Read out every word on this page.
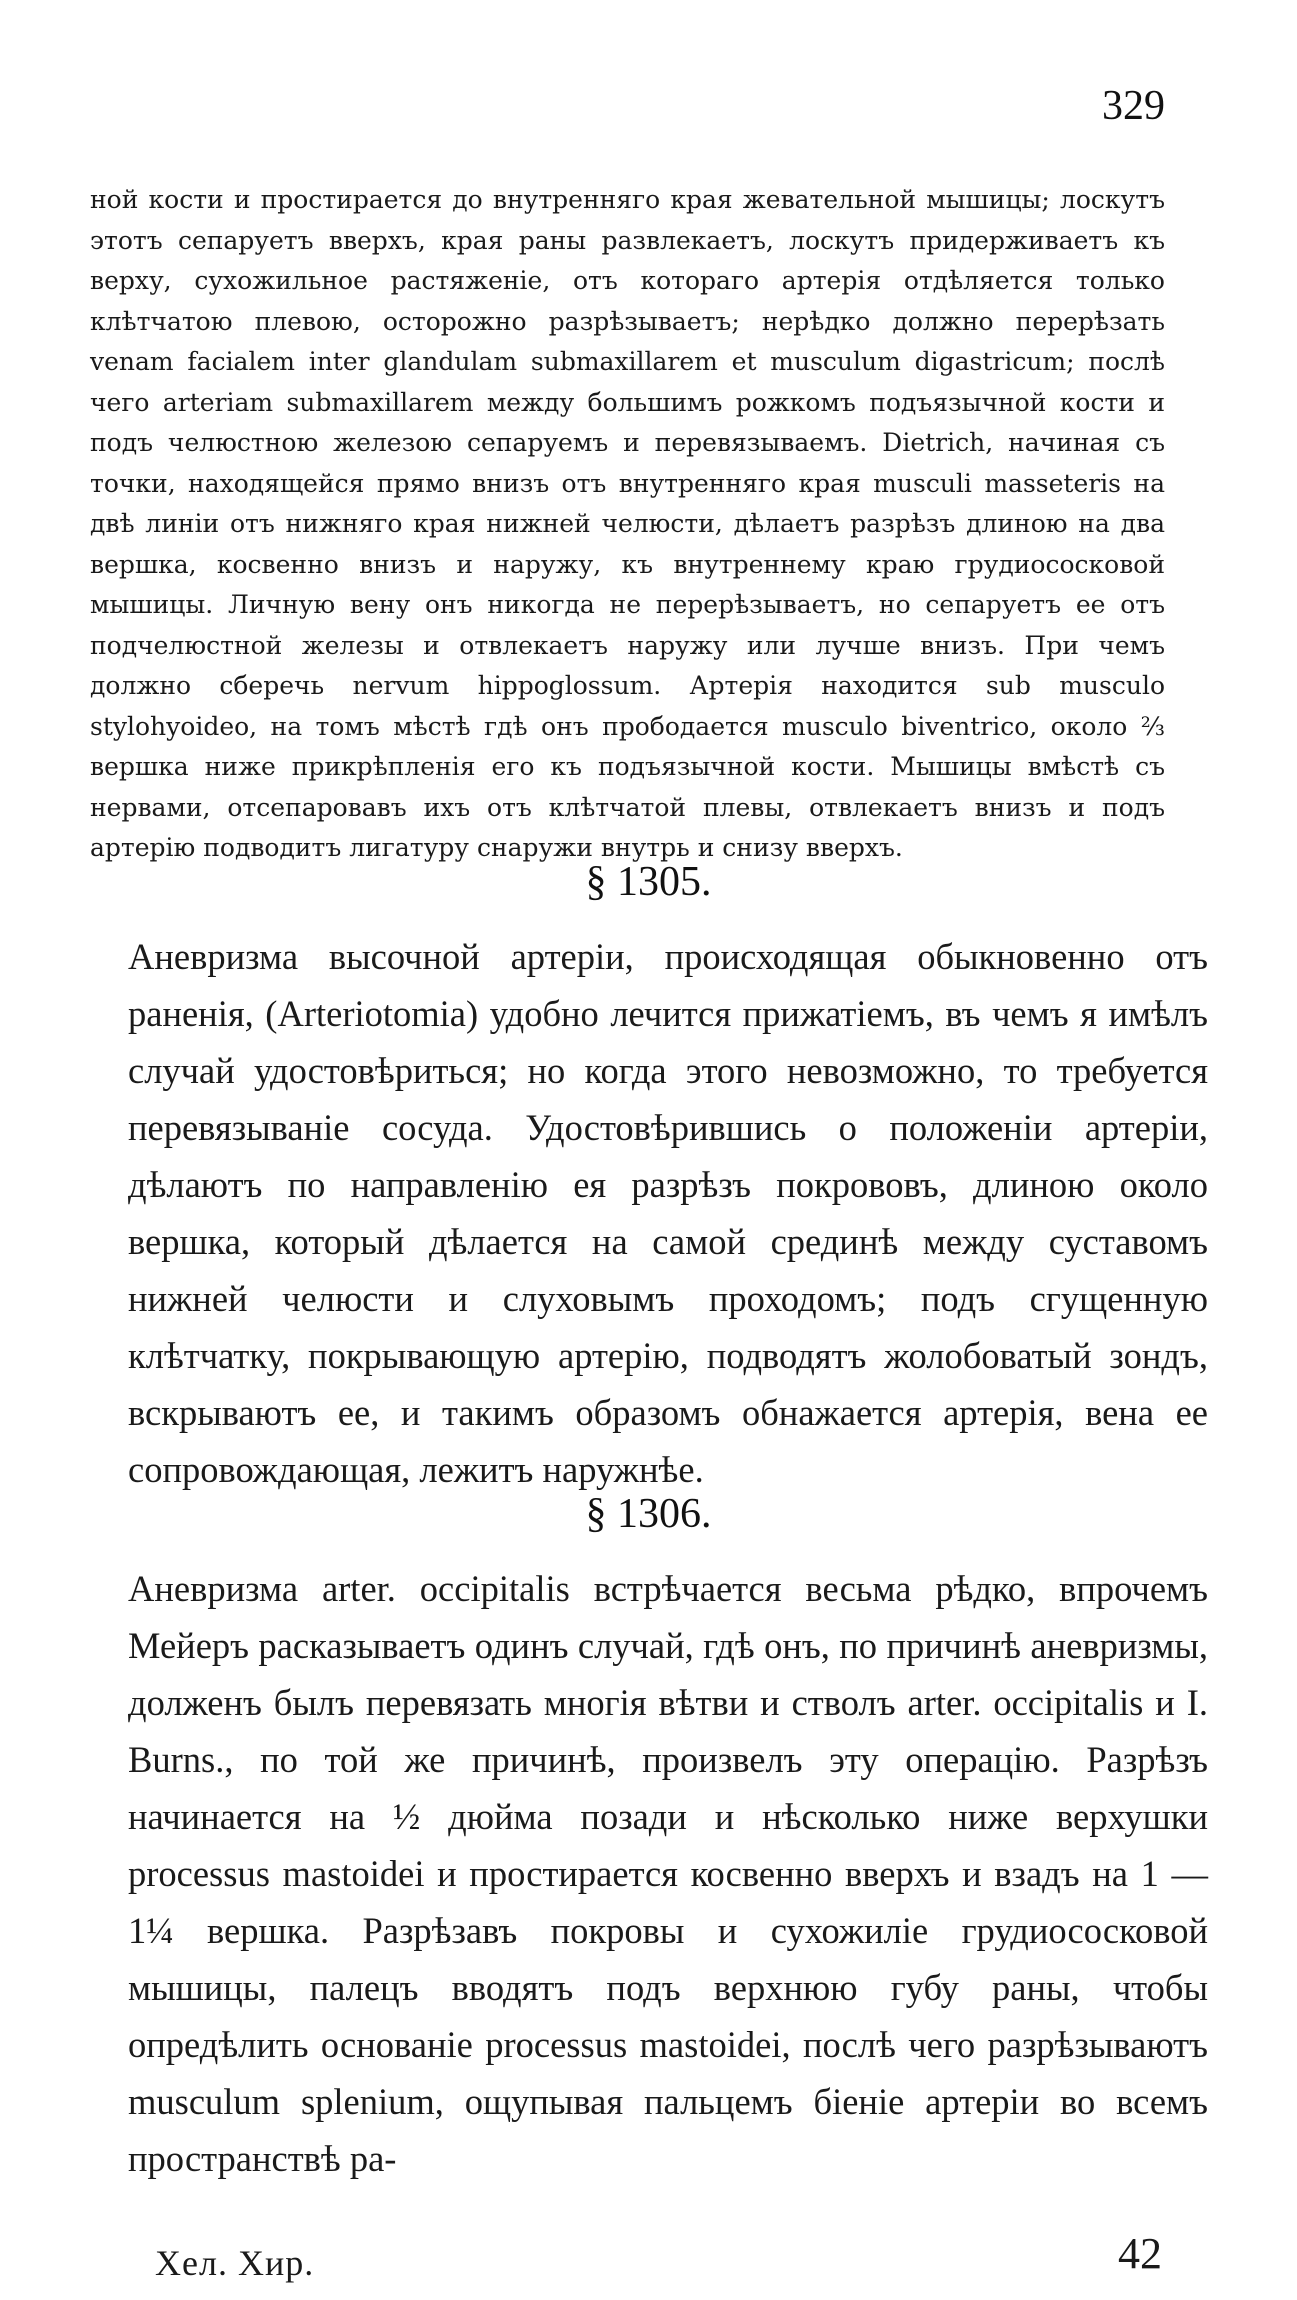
329
ной кости и простирается до внутренняго края жевательной мышицы; лоскутъ этотъ сепаруетъ вверхъ, края раны развлекаетъ, лоскутъ придерживаетъ къ верху, сухожильное растяженіе, отъ котораго артерія отдѣляется только клѣтчатою плевою, осторожно разрѣзываетъ; нерѣдко должно перерѣзать venam facialem inter glandulam submaxillarem et musculum digastricum; послѣ чего arteriam submaxillarem между большимъ рожкомъ подъязычной кости и подъ челюстною железою сепаруемъ и перевязываемъ. Dietrich, начиная съ точки, находящейся прямо внизъ отъ внутренняго края musculi masseteris на двѣ линіи отъ нижняго края нижней челюсти, дѣлаетъ разрѣзъ длиною на два вершка, косвенно внизъ и наружу, къ внутреннему краю грудиососковой мышицы. Личную вену онъ никогда не перерѣзываетъ, но сепаруетъ ее отъ подчелюстной железы и отвлекаетъ наружу или лучше внизъ. При чемъ должно сберечь nervum hippoglossum. Артерія находится sub musculo stylohyoideo, на томъ мѣстѣ гдѣ онъ прободается musculo biventrico, около ⅔ вершка ниже прикрѣпленія его къ подъязычной кости. Мышицы вмѣстѣ съ нервами, отсепаровавъ ихъ отъ клѣтчатой плевы, отвлекаетъ внизъ и подъ артерію подводитъ лигатуру снаружи внутрь и снизу вверхъ.
§ 1305.
Аневризма высочной артеріи, происходящая обыкновенно отъ раненія, (Arteriotomia) удобно лечится прижатіемъ, въ чемъ я имѣлъ случай удостовѣриться; но когда этого невозможно, то требуется перевязываніе сосуда. Удостовѣрившись о положеніи артеріи, дѣлаютъ по направленію ея разрѣзъ покрововъ, длиною около вершка, который дѣлается на самой срединѣ между суставомъ нижней челюсти и слуховымъ проходомъ; подъ сгущенную клѣтчатку, покрывающую артерію, подводятъ жолобоватый зондъ, вскрываютъ ее, и такимъ образомъ обнажается артерія, вена ее сопровождающая, лежитъ наружнѣе.
§ 1306.
Аневризма arter. occipitalis встрѣчается весьма рѣдко, впрочемъ Мейеръ расказываетъ одинъ случай, гдѣ онъ, по причинѣ аневризмы, долженъ былъ перевязать многія вѣтви и стволъ arter. occipitalis и I. Burns., по той же причинѣ, произвелъ эту операцію. Разрѣзъ начинается на ½ дюйма позади и нѣсколько ниже верхушки processus mastoidei и простирается косвенно вверхъ и взадъ на 1 — 1¼ вершка. Разрѣзавъ покровы и сухожиліе грудиососковой мышицы, палецъ вводятъ подъ верхнюю губу раны, чтобы опредѣлить основаніе processus mastoidei, послѣ чего разрѣзываютъ musculum splenium, ощупывая пальцемъ біеніе артеріи во всемъ пространствѣ ра-
Хел. Хир.	42
